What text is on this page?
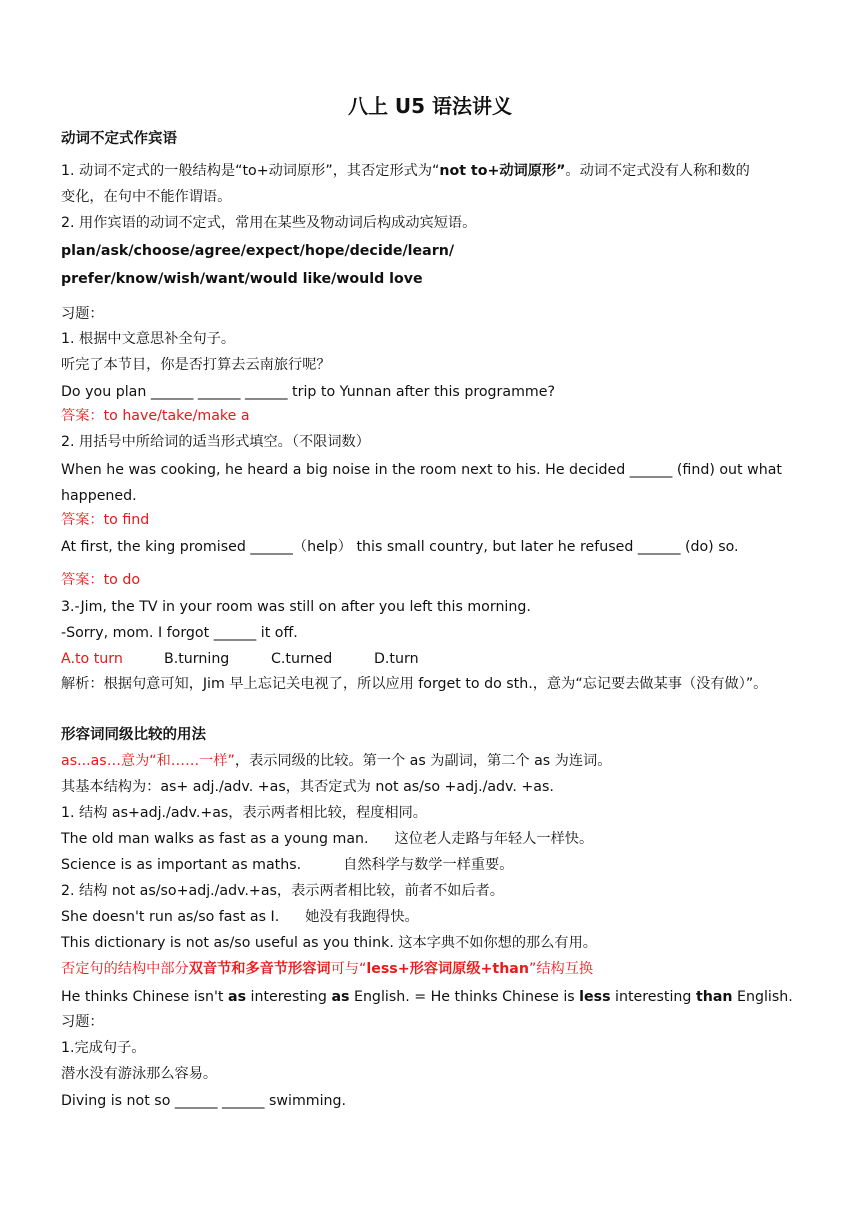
八上 U5 语法讲义

动词不定式作宾语

1. 动词不定式的一般结构是“to+动词原形”，其否定形式为“not to+动词原形”。动词不定式没有人称和数的

变化，在句中不能作谓语。

2. 用作宾语的动词不定式，常用在某些及物动词后构成动宾短语。

plan/ask/choose/agree/expect/hope/decide/learn/

prefer/know/wish/want/would like/would love

习题：

1. 根据中文意思补全句子。

听完了本节目，你是否打算去云南旅行呢？

Do you plan ______ ______ ______ trip to Yunnan after this programme?

答案：to have/take/make a

2. 用括号中所给词的适当形式填空。（不限词数）

When he was cooking, he heard a big noise in the room next to his. He decided ______ (find) out what

happened.

答案：to find

At first, the king promised ______（help） this small country, but later he refused ______ (do) so.

答案：to do

3.-Jim, the TV in your room was still on after you left this morning.

-Sorry, mom. I forgot ______ it off.

A.to turn	B.turning	C.turned	D.turn

解析：根据句意可知，Jim 早上忘记关电视了，所以应用 forget to do sth.，意为“忘记要去做某事（没有做）”。

形容词同级比较的用法

as...as…意为“和……一样”，表示同级的比较。第一个 as 为副词，第二个 as 为连词。

其基本结构为：as+ adj./adv. +as，其否定式为 not as/so +adj./adv. +as.

1. 结构 as+adj./adv.+as，表示两者相比较，程度相同。

The old man walks as fast as a young man. 这位老人走路与年轻人一样快。

Science is as important as maths.	自然科学与数学一样重要。

2. 结构 not as/so+adj./adv.+as，表示两者相比较，前者不如后者。

She doesn't run as/so fast as I. 她没有我跑得快。

This dictionary is not as/so useful as you think. 这本字典不如你想的那么有用。

否定句的结构中部分双音节和多音节形容词可与“less+形容词原级+than”结构互换

He thinks Chinese isn't as interesting as English. = He thinks Chinese is less interesting than English.

习题：

1.完成句子。

潜水没有游泳那么容易。

Diving is not so ______ ______ swimming.
